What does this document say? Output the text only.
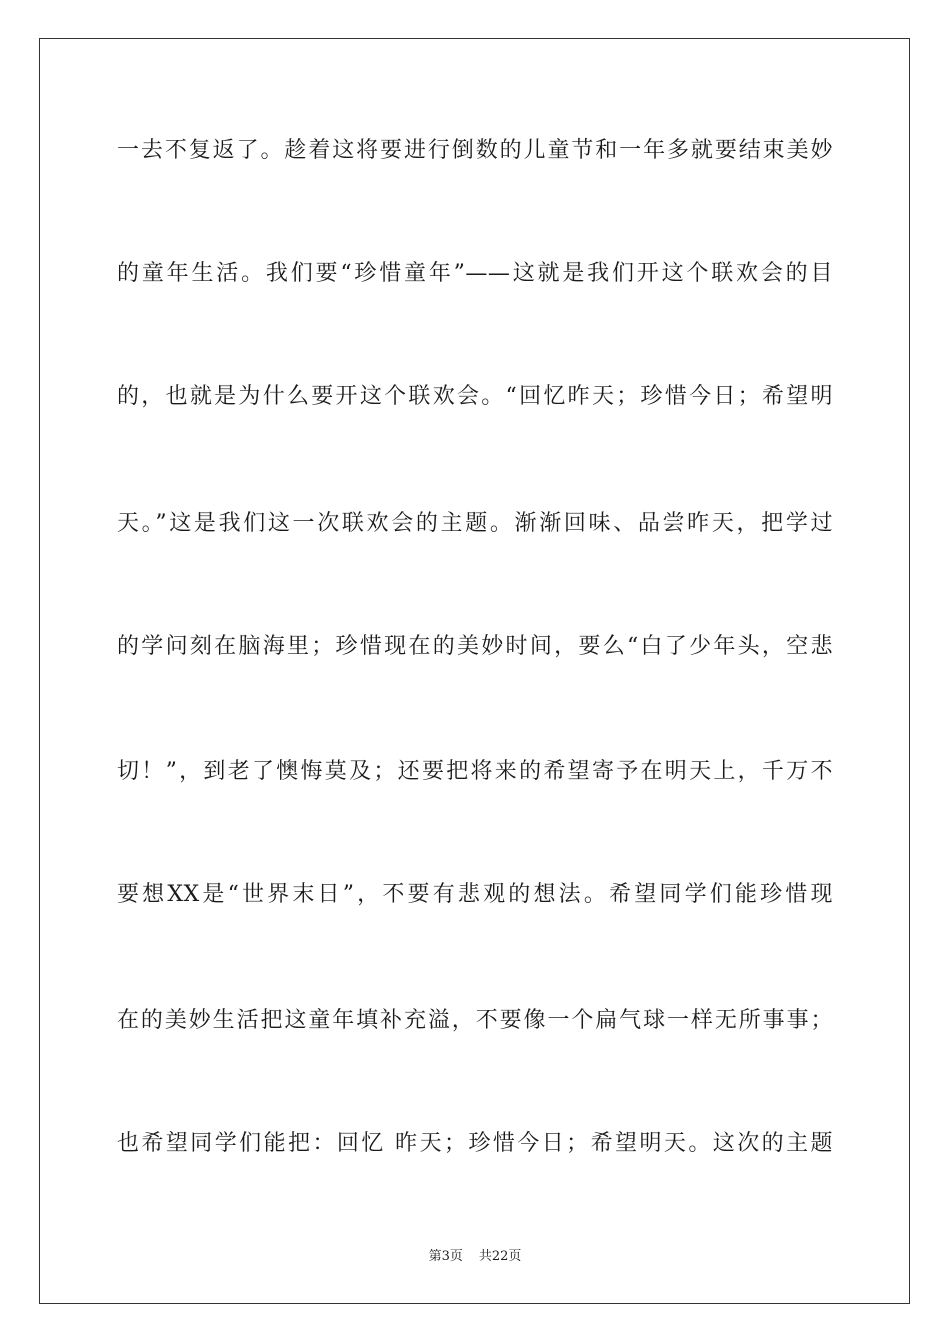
一去不复返了。趁着这将要进行倒数的儿童节和一年多就要结束美妙
的童年生活。我们要“珍惜童年”——这就是我们开这个联欢会的目
的，也就是为什么要开这个联欢会。“回忆昨天；珍惜今日；希望明
天。”这是我们这一次联欢会的主题。渐渐回味、品尝昨天，把学过
的学问刻在脑海里；珍惜现在的美妙时间，要么“白了少年头，空悲
切！”，到老了懊悔莫及；还要把将来的希望寄予在明天上，千万不
要想XX是“世界末日”，不要有悲观的想法。希望同学们能珍惜现
在的美妙生活把这童年填补充溢，不要像一个扁气球一样无所事事；
也希望同学们能把：回忆 昨天；珍惜今日；希望明天。这次的主题
第3页 共22页
